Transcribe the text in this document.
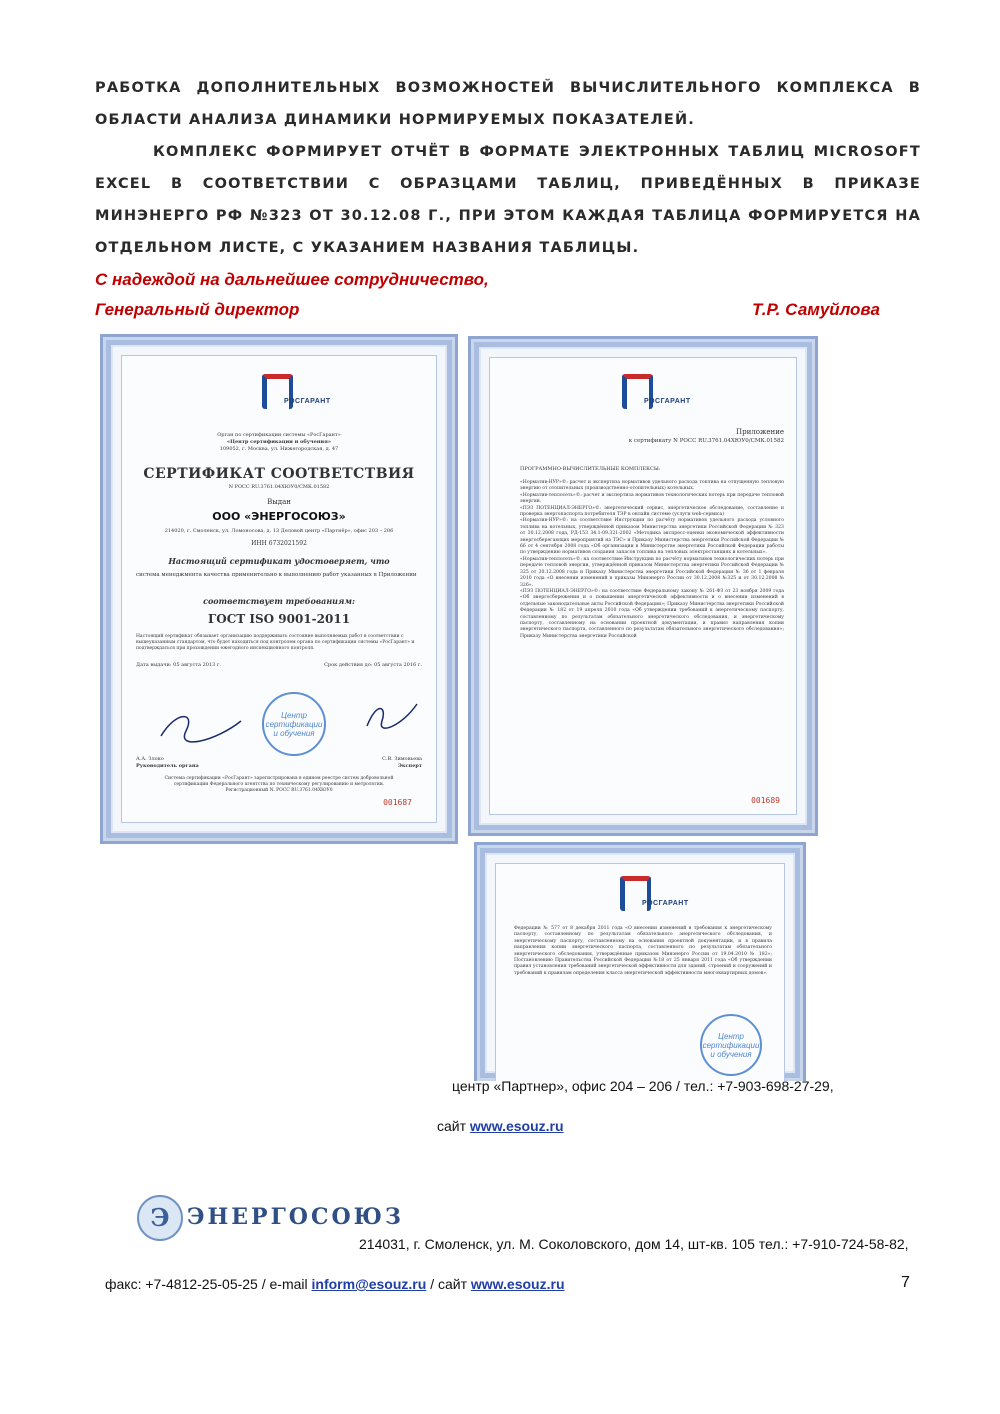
РАБОТКА ДОПОЛНИТЕЛЬНЫХ ВОЗМОЖНОСТЕЙ ВЫЧИСЛИТЕЛЬНОГО КОМПЛЕКСА В ОБЛАСТИ АНАЛИЗА ДИНАМИКИ НОРМИРУЕМЫХ ПОКАЗАТЕЛЕЙ.
КОМПЛЕКС ФОРМИРУЕТ ОТЧЁТ В ФОРМАТЕ ЭЛЕКТРОННЫХ ТАБЛИЦ MICROSOFT EXCEL В СООТВЕТСТВИИ С ОБРАЗЦАМИ ТАБЛИЦ, ПРИВЕДЁННЫХ В ПРИКАЗЕ МИНЭНЕРГО РФ №323 ОТ 30.12.08 Г., ПРИ ЭТОМ КАЖДАЯ ТАБЛИЦА ФОРМИРУЕТСЯ НА ОТДЕЛЬНОМ ЛИСТЕ, С УКАЗАНИЕМ НАЗВАНИЯ ТАБЛИЦЫ.
С надеждой на дальнейшее сотрудничество,
Генеральный директор	Т.Р. Самуйлова
РОСГАРАНТ
Орган по сертификации системы «РосГарант»
«Центр сертификации и обучения»
109052, г. Москва, ул. Нижегородская, д. 47
СЕРТИФИКАТ СООТВЕТСТВИЯ
N РОСС RU.3761.04ХЮУ0/СМК.01582
Выдан
ООО «ЭНЕРГОСОЮЗ»
214020, г. Смоленск, ул. Ломоносова, д. 13 Деловой центр «Партнёр», офис 203 – 206
ИНН 6732021592
Настоящий сертификат удостоверяет, что
система менеджмента качества применительно к выполнению работ указанных в Приложении
соответствует требованиям:
ГОСТ ISO 9001-2011
Настоящий сертификат обязывает организацию поддерживать состояние выполняемых работ в соответствии с вышеуказанным стандартом, что будет находиться под контролем органа по сертификации системы «РосГарант» и подтверждаться при прохождении ежегодного инспекционного контроля.
Дата выдачи: 05 августа 2013 г.	Срок действия до: 05 августа 2016 г.
Центр сертификации и обучения
А.А. Злоко
Руководитель органа
С.В. Зимовьева
Эксперт
Система сертификации «РосГарант» зарегистрирована в едином реестре систем добровольной сертификации Федерального агентства по техническому регулированию и метрологии. Регистрационный N. РОСС RU.3761.04ХЮУ0
001687
РОСГАРАНТ
Приложение
к сертификату N РОСС RU.3761.04ХЮУ0/СМК.01582
ПРОГРАММНО-ВЫЧИСЛИТЕЛЬНЫЕ КОМПЛЕКСЫ:
«Норматив-НУР»©: расчет и экспертиза нормативов удельного расхода топлива на отпущенную тепловую энергию от отопительных (производственно-отопительных) котельных.
«Норматив-теплосеть»©: расчет и экспертиза нормативов технологических потерь при передаче тепловой энергии.
«ПЭЗ ПОТЕНЦИАЛ-ЭНЕРГО»©: энергетический сервис, энергетическое обследование, составление и проверка энергопаспорта потребителя ТЭР в онлайн системе (услуги web-сервиса)
«Норматив-НУР»©: на соответствие Инструкции по расчёту нормативов удельного расхода условного топлива на котельных, утверждённой приказом Министерства энергетики Российской Федерации № 323 от 30.12.2008 года, РД-153 34.1-09.321-2002 «Методика экспресс-оценки экономической эффективности энергосберегающих мероприятий на ТЭС» и Приказу Министерства энергетики Российской Федерации № 66 от 4 сентября 2008 года «Об организации в Министерстве энергетики Российской Федерации работы по утверждению нормативов создания запасов топлива на тепловых электростанциях и котельных».
«Норматив-теплосеть»©: на соответствие Инструкции по расчёту нормативов технологических потерь при передаче тепловой энергии, утверждённой приказом Министерства энергетики Российской Федерации № 325 от 30.12.2008 года и Приказу Министерства энергетики Российской Федерации № 36 от 1 февраля 2010 года «О внесении изменений в приказы Минэнерго России от 30.12.2008 №325 и от 30.12.2008 № 326».
«ПЭЗ ПОТЕНЦИАЛ-ЭНЕРГО»©: на соответствие Федеральному закону № 261-ФЗ от 23 ноября 2009 года «Об энергосбережении и о повышении энергетической эффективности и о внесении изменений в отдельные законодательные акты Российской Федерации»; Приказу Министерства энергетики Российской Федерации № 182 от 19 апреля 2010 года «Об утверждении требований к энергетическому паспорту, составленному по результатам обязательного энергетического обследования, и энергетическому паспорту, составленному на основании проектной документации, и правил направления копии энергетического паспорта, составленного по результатам обязательного энергетического обследования»; Приказу Министерства энергетики Российской
001689
РОСГАРАНТ
Федерации № 577 от 8 декабря 2011 года «О внесении изменений в требования к энергетическому паспорту, составленному по результатам обязательного энергетического обследования, и энергетическому паспорту, составленному на основании проектной документации, и в правила направления копии энергетического паспорта, составленного по результатам обязательного энергетического обследования, утверждённые приказом Минэнерго России от 19.04.2010 № 182»; Постановлению Правительства Российской Федерации №18 от 25 января 2011 года «Об утверждении правил установления требований энергетической эффективности для зданий, строений и сооружений и требований к правилам определения класса энергетической эффективности многоквартирных домов».
Центр сертификации и обучения
центр «Партнер», офис 204 – 206 / тел.: +7-903-698-27-29,
сайт www.esouz.ru
Э ЭНЕРГОСОЮЗ
214031, г. Смоленск, ул. М. Соколовского, дом 14, шт-кв. 105 тел.: +7-910-724-58-82,
факс: +7-4812-25-05-25 / e-mail inform@esouz.ru / сайт www.esouz.ru	7
